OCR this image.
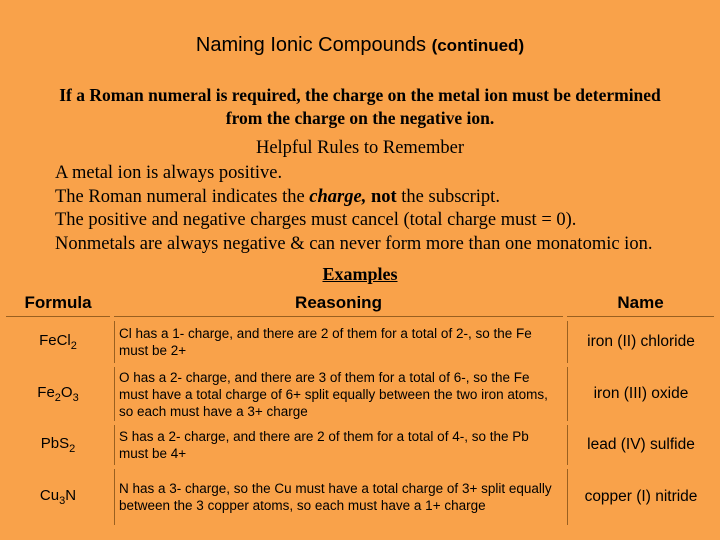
Naming Ionic Compounds (continued)
If a Roman numeral is required, the charge on the metal ion must be determined from the charge on the negative ion.
Helpful Rules to Remember
A metal ion is always positive.
The Roman numeral indicates the charge, not the subscript.
The positive and negative charges must cancel (total charge must = 0).
Nonmetals are always negative & can never form more than one monatomic ion.
Examples
Formula	Reasoning	Name
FeCl$_2$	Cl has a 1- charge, and there are 2 of them for a total of 2-, so the Fe must be 2+	iron (II) chloride
$Fe_2O_3$	O has a 2- charge, and there are 3 of them for a total of 6-, so the Fe must have a total charge of 6+ split equally between the two iron atoms, so each must have a 3+ charge	iron (III) oxide
PbS$_2$	S has a 2- charge, and there are 2 of them for a total of 4-, so the Pb must be 4+	lead (IV) sulfide
$Cu_3N$	N has a 3- charge, so the Cu must have a total charge of 3+ split equally between the 3 copper atoms, so each must have a 1+ charge	copper (I) nitride
